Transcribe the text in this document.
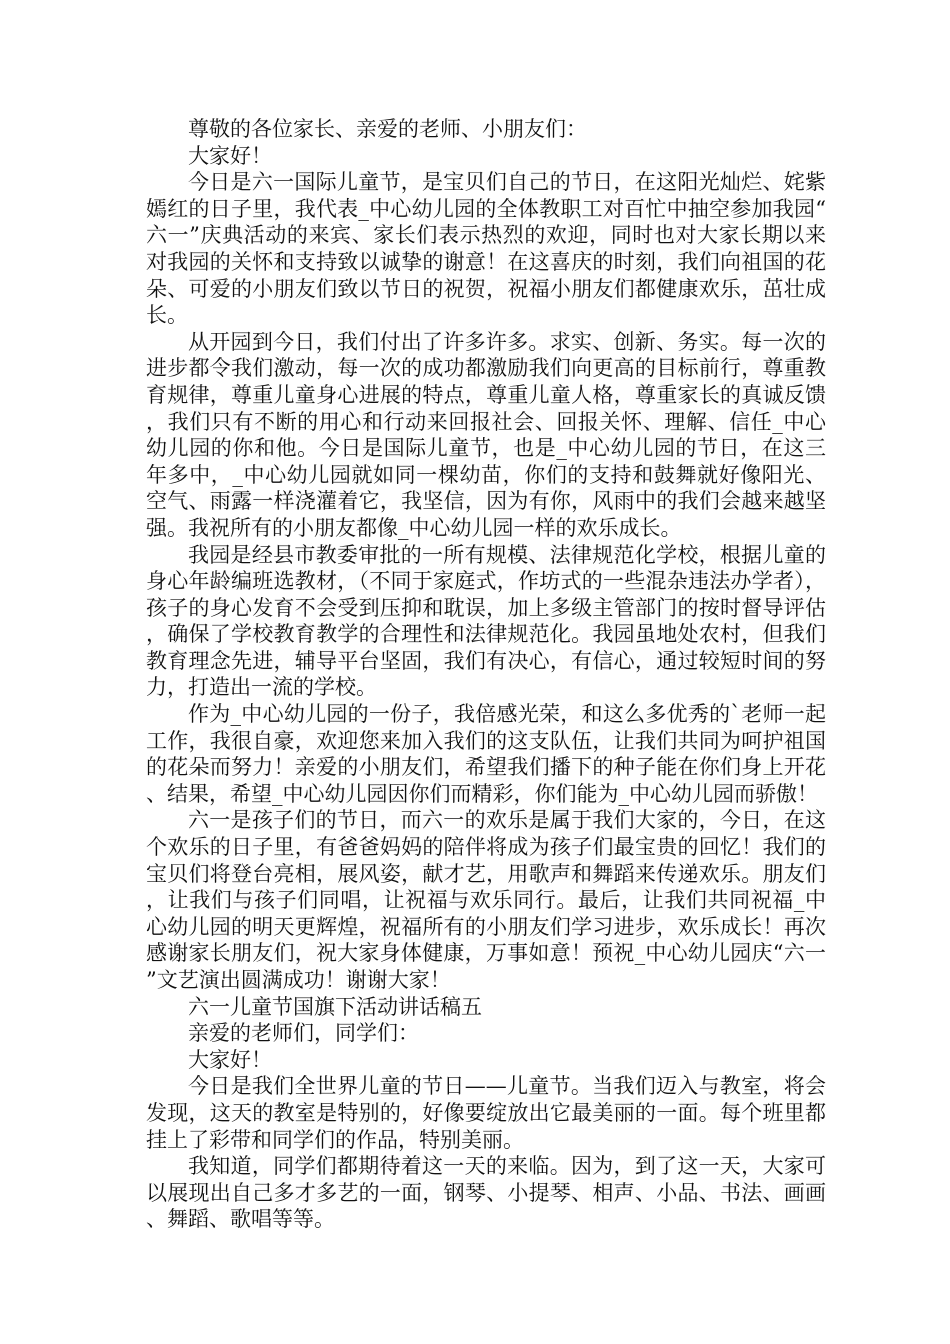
尊敬的各位家长、亲爱的老师、小朋友们：

大家好！

今日是六一国际儿童节，是宝贝们自己的节日，在这阳光灿烂、姹紫嫣红的日子里，我代表_中心幼儿园的全体教职工对百忙中抽空参加我园“六一”庆典活动的来宾、家长们表示热烈的欢迎，同时也对大家长期以来对我园的关怀和支持致以诚挚的谢意！在这喜庆的时刻，我们向祖国的花朵、可爱的小朋友们致以节日的祝贺，祝福小朋友们都健康欢乐，茁壮成长。

从开园到今日，我们付出了许多许多。求实、创新、务实。每一次的进步都令我们激动，每一次的成功都激励我们向更高的目标前行，尊重教育规律，尊重儿童身心进展的特点，尊重儿童人格，尊重家长的真诚反馈，我们只有不断的用心和行动来回报社会、回报关怀、理解、信任_中心幼儿园的你和他。今日是国际儿童节，也是_中心幼儿园的节日，在这三年多中，_中心幼儿园就如同一棵幼苗，你们的支持和鼓舞就好像阳光、空气、雨露一样浇灌着它，我坚信，因为有你，风雨中的我们会越来越坚强。我祝所有的小朋友都像_中心幼儿园一样的欢乐成长。

我园是经县市教委审批的一所有规模、法律规范化学校，根据儿童的身心年龄编班选教材，（不同于家庭式，作坊式的一些混杂违法办学者），孩子的身心发育不会受到压抑和耽误，加上多级主管部门的按时督导评估，确保了学校教育教学的合理性和法律规范化。我园虽地处农村，但我们教育理念先进，辅导平台坚固，我们有决心，有信心，通过较短时间的努力，打造出一流的学校。

作为_中心幼儿园的一份子，我倍感光荣，和这么多优秀的`老师一起工作，我很自豪，欢迎您来加入我们的这支队伍，让我们共同为呵护祖国的花朵而努力！亲爱的小朋友们，希望我们播下的种子能在你们身上开花、结果，希望_中心幼儿园因你们而精彩，你们能为_中心幼儿园而骄傲！

六一是孩子们的节日，而六一的欢乐是属于我们大家的，今日，在这个欢乐的日子里，有爸爸妈妈的陪伴将成为孩子们最宝贵的回忆！我们的宝贝们将登台亮相，展风姿，献才艺，用歌声和舞蹈来传递欢乐。朋友们，让我们与孩子们同唱，让祝福与欢乐同行。最后，让我们共同祝福_中心幼儿园的明天更辉煌，祝福所有的小朋友们学习进步，欢乐成长！再次感谢家长朋友们，祝大家身体健康，万事如意！预祝_中心幼儿园庆“六一”文艺演出圆满成功！谢谢大家！

六一儿童节国旗下活动讲话稿五

亲爱的老师们，同学们：

大家好！

今日是我们全世界儿童的节日——儿童节。当我们迈入与教室，将会发现，这天的教室是特别的，好像要绽放出它最美丽的一面。每个班里都挂上了彩带和同学们的作品，特别美丽。

我知道，同学们都期待着这一天的来临。因为，到了这一天，大家可以展现出自己多才多艺的一面，钢琴、小提琴、相声、小品、书法、画画、舞蹈、歌唱等等。
